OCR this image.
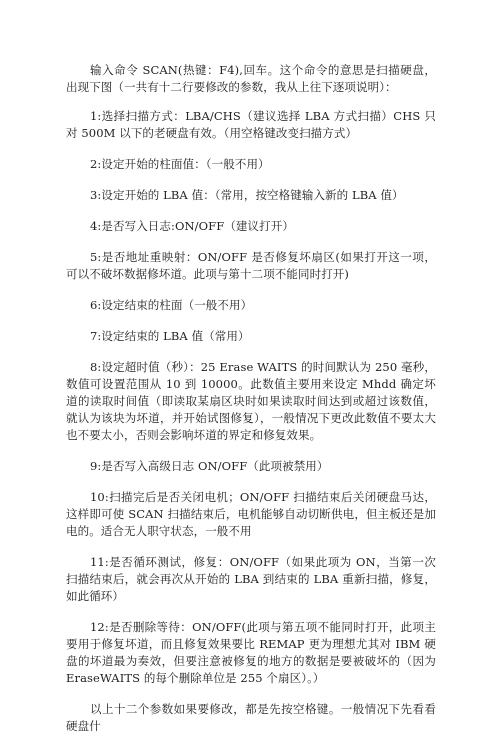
输入命令 SCAN(热键：F4),回车。这个命令的意思是扫描硬盘，出现下图（一共有十二行要修改的参数，我从上往下逐项说明）：

1:选择扫描方式：LBA/CHS（建议选择 LBA 方式扫描）CHS 只对 500M 以下的老硬盘有效。（用空格键改变扫描方式）

2:设定开始的柱面值：（一般不用）

3:设定开始的 LBA 值：（常用，按空格键输入新的 LBA 值）

4:是否写入日志:ON/OFF（建议打开）

5:是否地址重映射：ON/OFF 是否修复坏扇区(如果打开这一项，可以不破坏数据修坏道。此项与第十二项不能同时打开)

6:设定结束的柱面（一般不用）

7:设定结束的 LBA 值（常用）

8:设定超时值（秒）：25 Erase WAITS 的时间默认为 250 毫秒，数值可设置范围从 10 到 10000。此数值主要用来设定 Mhdd 确定坏道的读取时间值（即读取某扇区块时如果读取时间达到或超过该数值，就认为该块为坏道，并开始试图修复），一般情况下更改此数值不要太大也不要太小，否则会影响坏道的界定和修复效果。

9:是否写入高级日志 ON/OFF（此项被禁用）

10:扫描完后是否关闭电机；ON/OFF 扫描结束后关闭硬盘马达，这样即可使 SCAN 扫描结束后，电机能够自动切断供电，但主板还是加电的。适合无人职守状态，一般不用

11:是否循环测试，修复：ON/OFF（如果此项为 ON，当第一次扫描结束后，就会再次从开始的 LBA 到结束的 LBA 重新扫描，修复，如此循环）

12:是否删除等待：ON/OFF(此项与第五项不能同时打开，此项主要用于修复坏道，而且修复效果要比 REMAP 更为理想尤其对 IBM 硬盘的坏道最为奏效，但要注意被修复的地方的数据是要被破坏的（因为 EraseWAITS 的每个删除单位是 255 个扇区）。）

以上十二个参数如果要修改，都是先按空格键。一般情况下先看看硬盘什
